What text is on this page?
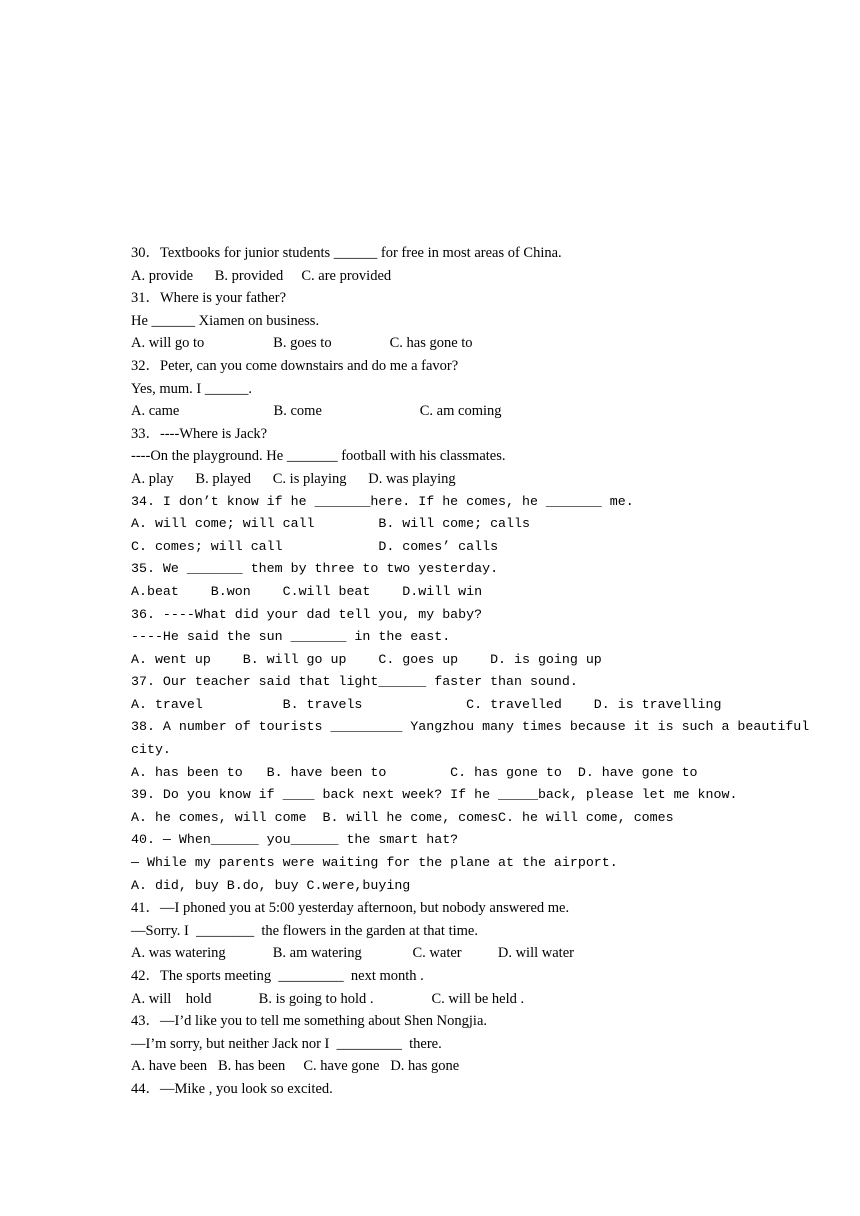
30．Textbooks for junior students ______ for free in most areas of China.
A. provide      B. provided     C. are provided
31．Where is your father?
He ______ Xiamen on business.
A. will go to                   B. goes to                C. has gone to
32．Peter, can you come downstairs and do me a favor?
Yes, mum. I ______.
A. came                          B. come                           C. am coming
33．----Where is Jack?
----On the playground. He _______ football with his classmates.
A. play      B. played      C. is playing      D. was playing
34. I don’t know if he _______here. If he comes, he _______ me.
A. will come; will call        B. will come; calls
C. comes; will call            D. comes’ calls
35. We _______ them by three to two yesterday.
A.beat    B.won    C.will beat    D.will win
36. ----What did your dad tell you, my baby?
----He said the sun _______ in the east.
A. went up    B. will go up    C. goes up    D. is going up
37. Our teacher said that light______ faster than sound.
A. travel          B. travels             C. travelled    D. is travelling
38. A number of tourists _________ Yangzhou many times because it is such a beautiful
city.
A. has been to   B. have been to        C. has gone to  D. have gone to
39. Do you know if ____ back next week? If he _____back, please let me know.
A. he comes, will come  B. will he come, comesC. he will come, comes
40. — When______ you______ the smart hat?
— While my parents were waiting for the plane at the airport.
A. did, buy B.do, buy C.were,buying
41．—I phoned you at 5:00 yesterday afternoon, but nobody answered me.
—Sorry. I  ________  the flowers in the garden at that time.
A. was watering             B. am watering              C. water          D. will water
42．The sports meeting  _________  next month .
A. will    hold             B. is going to hold .                C. will be held .
43．—I’d like you to tell me something about Shen Nongjia.
—I’m sorry, but neither Jack nor I  _________  there.
A. have been   B. has been     C. have gone   D. has gone
44．—Mike , you look so excited.
